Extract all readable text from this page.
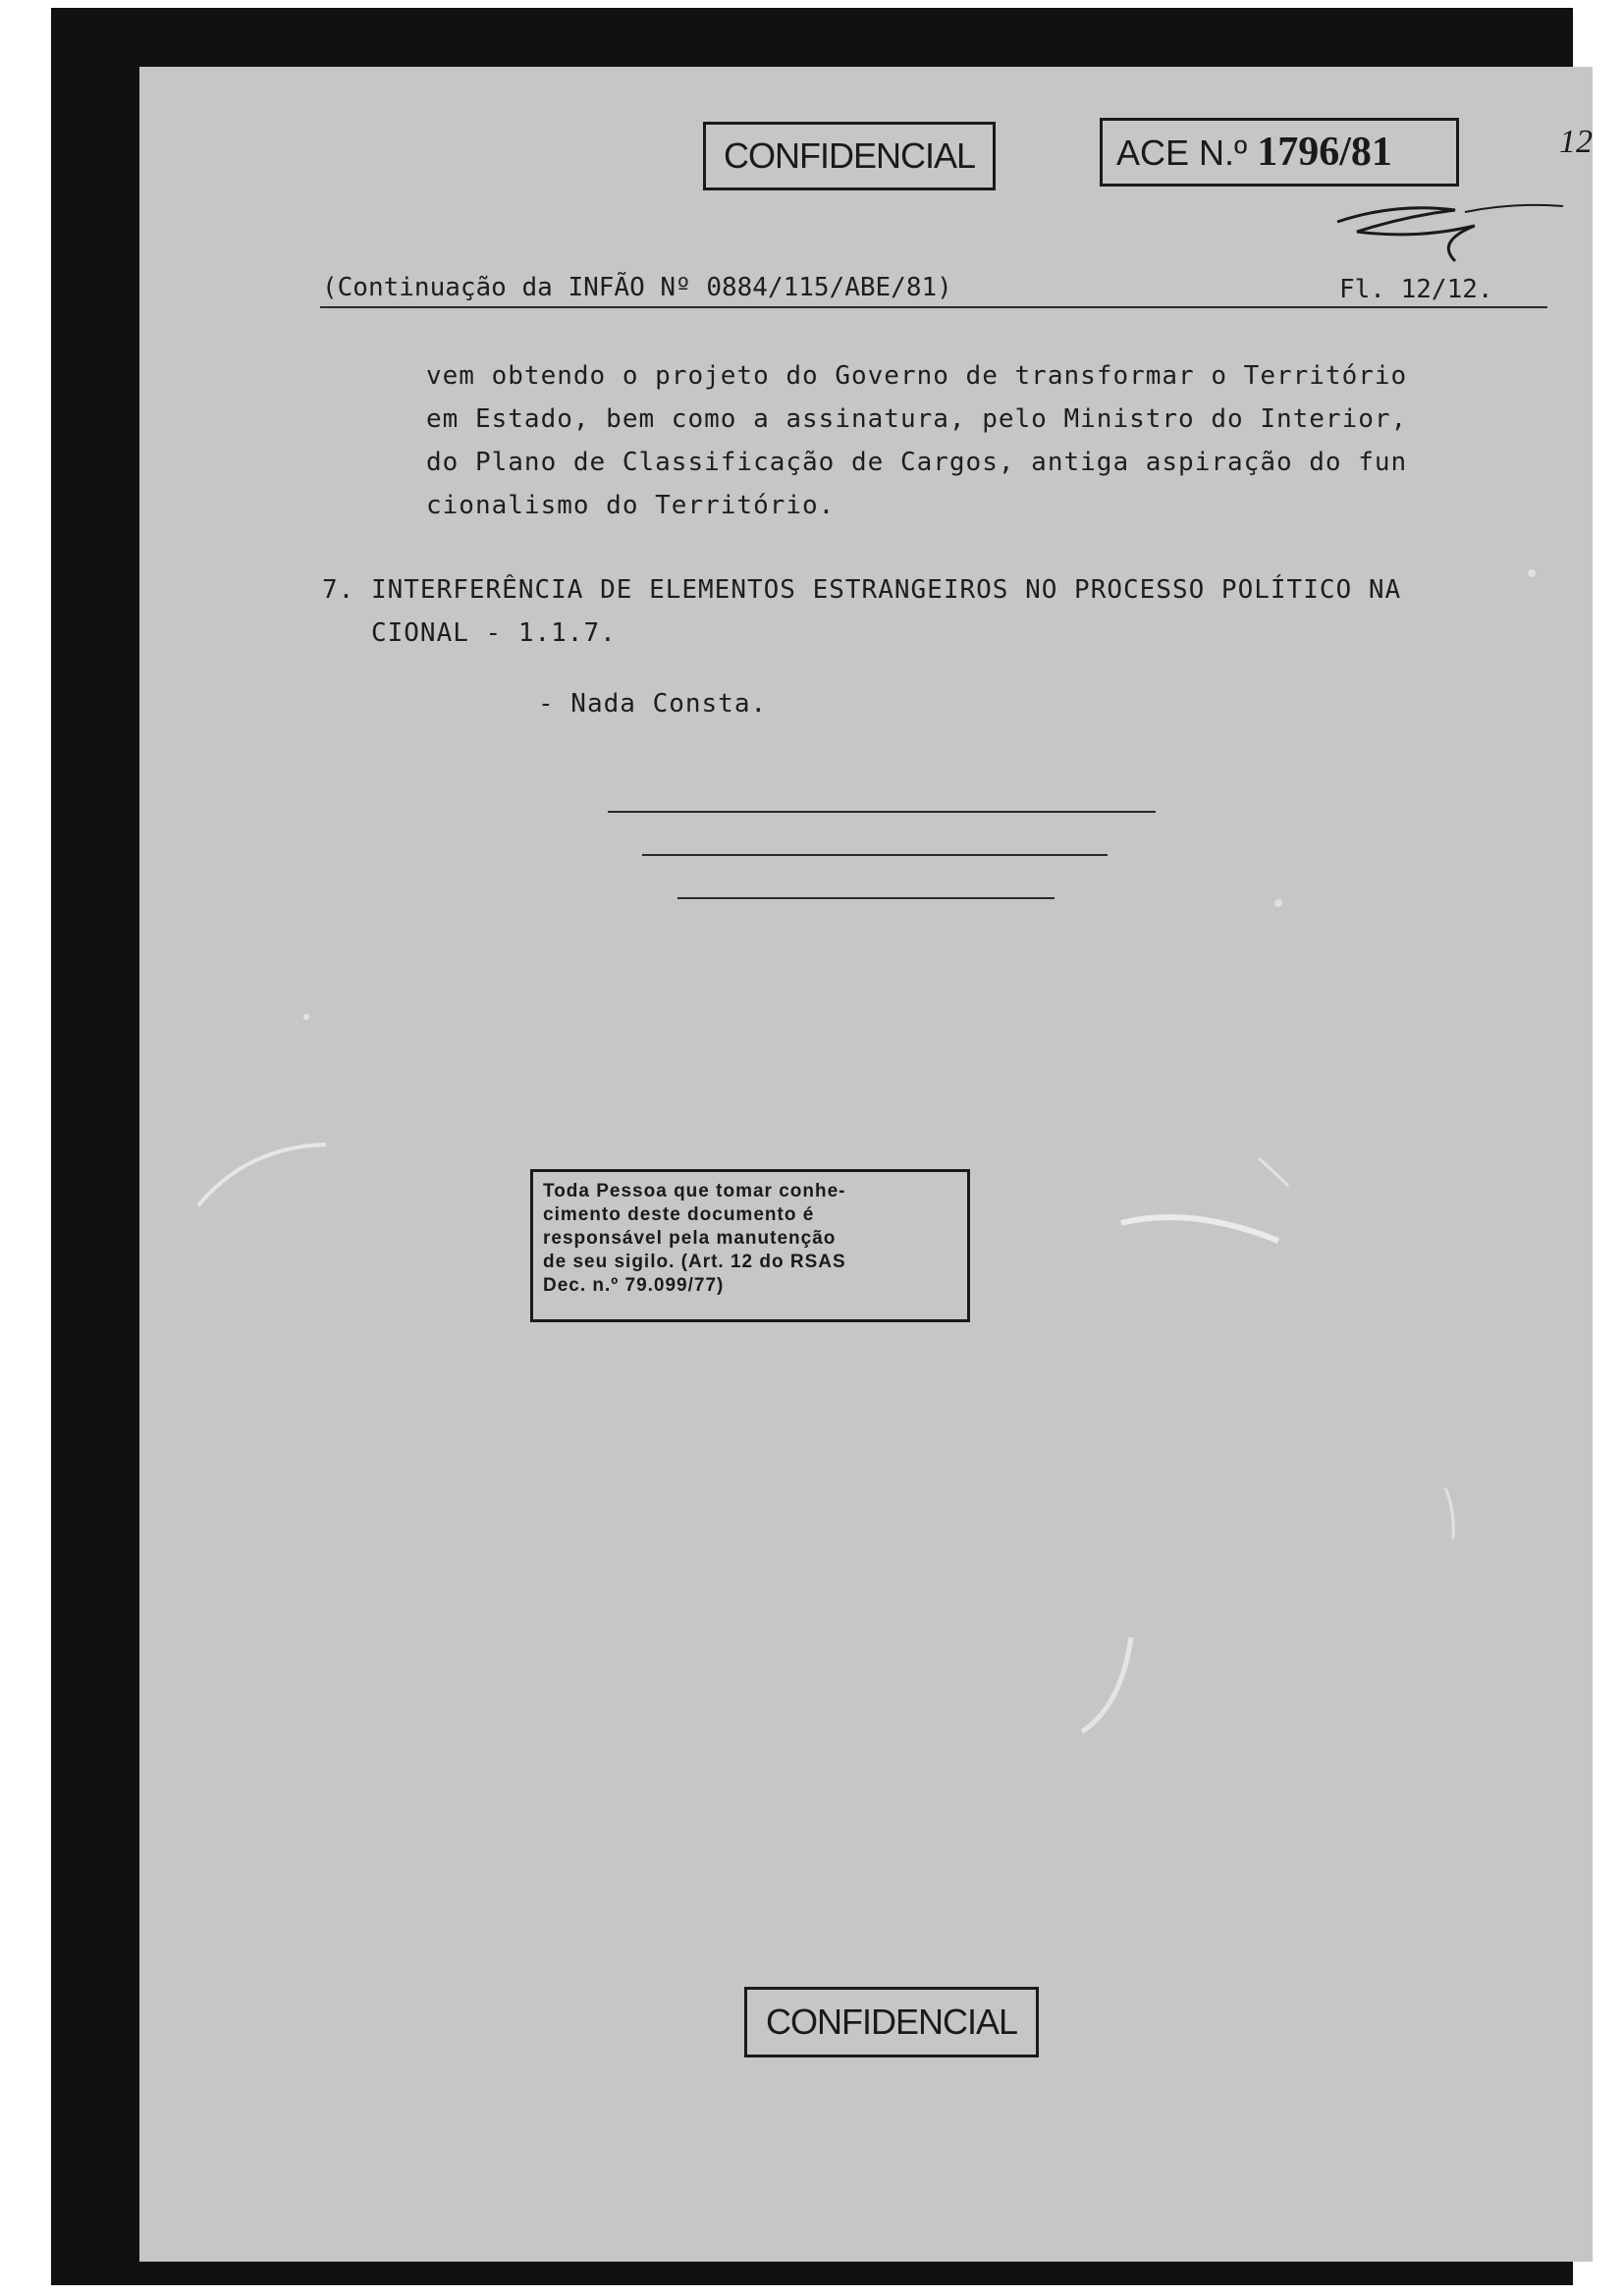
CONFIDENCIAL	ACE N.º 1796/81	12
(Continuação da INFÃO Nº 0884/115/ABE/81)	Fl. 12/12.
vem obtendo o projeto do Governo de transformar o Território
em Estado, bem como a assinatura, pelo Ministro do Interior,
do Plano de Classificação de Cargos, antiga aspiração do fun
cionalismo do Território.
7. INTERFERÊNCIA DE ELEMENTOS ESTRANGEIROS NO PROCESSO POLÍTICO NA
CIONAL - 1.1.7.
- Nada Consta.
Toda Pessoa que tomar conhe-
cimento deste documento é
responsável pela manutenção
de seu sigilo. (Art. 12 do RSAS
Dec. n.º 79.099/77)
CONFIDENCIAL
